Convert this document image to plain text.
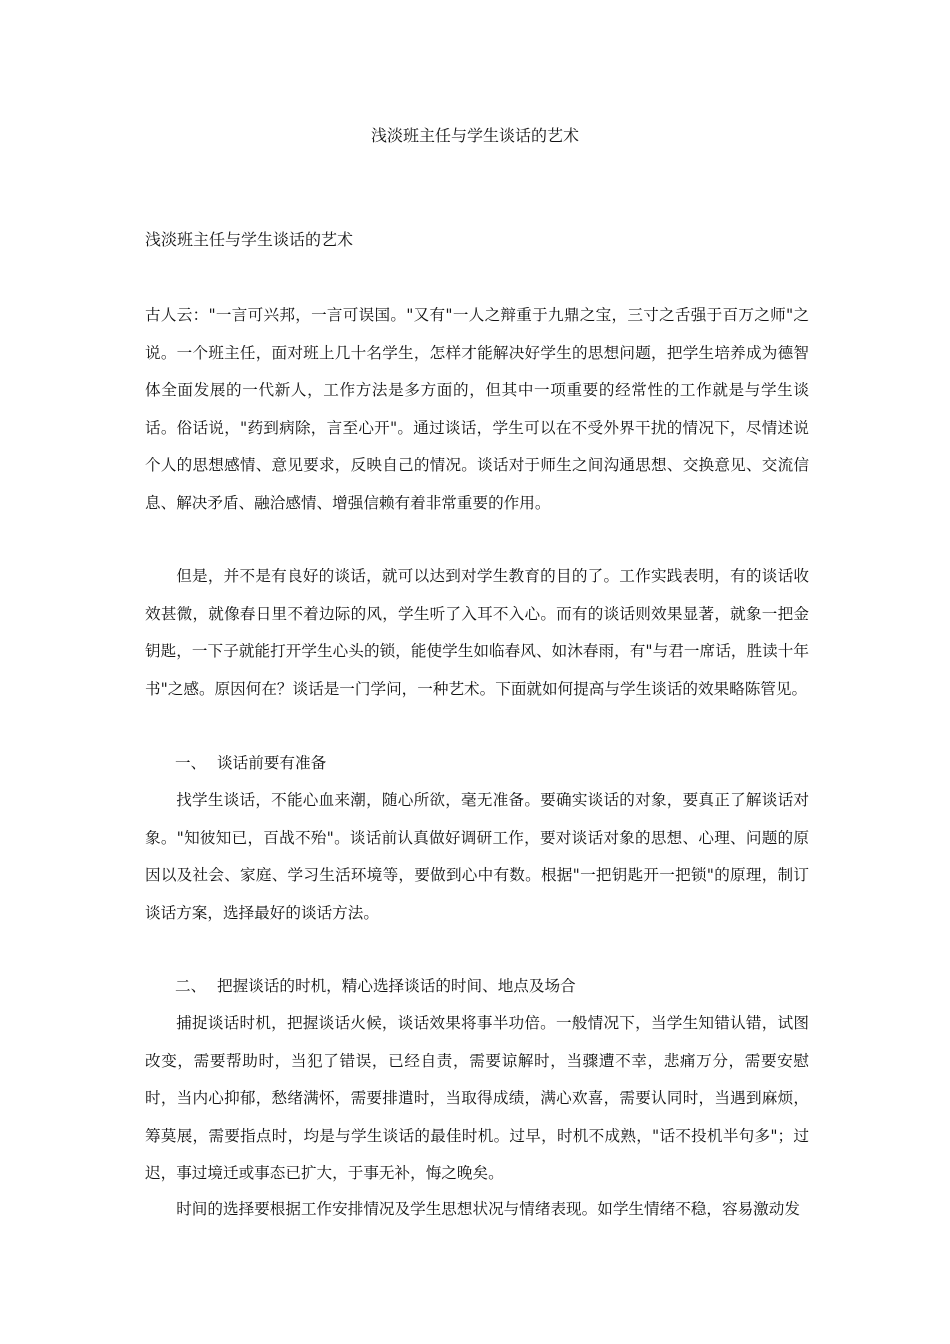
浅淡班主任与学生谈话的艺术

浅淡班主任与学生谈话的艺术

古人云："一言可兴邦，一言可误国。"又有"一人之辩重于九鼎之宝，三寸之舌强于百万之师"之说。一个班主任，面对班上几十名学生，怎样才能解决好学生的思想问题，把学生培养成为德智体全面发展的一代新人，工作方法是多方面的，但其中一项重要的经常性的工作就是与学生谈话。俗话说，"药到病除，言至心开"。通过谈话，学生可以在不受外界干扰的情况下，尽情述说个人的思想感情、意见要求，反映自己的情况。谈话对于师生之间沟通思想、交换意见、交流信息、解决矛盾、融洽感情、增强信赖有着非常重要的作用。

但是，并不是有良好的谈话，就可以达到对学生教育的目的了。工作实践表明，有的谈话收效甚微，就像春日里不着边际的风，学生听了入耳不入心。而有的谈话则效果显著，就象一把金钥匙，一下子就能打开学生心头的锁，能使学生如临春风、如沐春雨，有"与君一席话，胜读十年书"之感。原因何在？谈话是一门学问，一种艺术。下面就如何提高与学生谈话的效果略陈管见。

一、 谈话前要有准备

找学生谈话，不能心血来潮，随心所欲，毫无准备。要确实谈话的对象，要真正了解谈话对象。"知彼知已，百战不殆"。谈话前认真做好调研工作，要对谈话对象的思想、心理、问题的原因以及社会、家庭、学习生活环境等，要做到心中有数。根据"一把钥匙开一把锁"的原理，制订谈话方案，选择最好的谈话方法。

二、 把握谈话的时机，精心选择谈话的时间、地点及场合

捕捉谈话时机，把握谈话火候，谈话效果将事半功倍。一般情况下，当学生知错认错，试图改变，需要帮助时，当犯了错误，已经自责，需要谅解时，当骤遭不幸，悲痛万分，需要安慰时，当内心抑郁，愁绪满怀，需要排遣时，当取得成绩，满心欢喜，需要认同时，当遇到麻烦，筹莫展，需要指点时，均是与学生谈话的最佳时机。过早，时机不成熟，"话不投机半句多"；过迟，事过境迁或事态已扩大，于事无补，悔之晚矣。

时间的选择要根据工作安排情况及学生思想状况与情绪表现。如学生情绪不稳，容易激动发
